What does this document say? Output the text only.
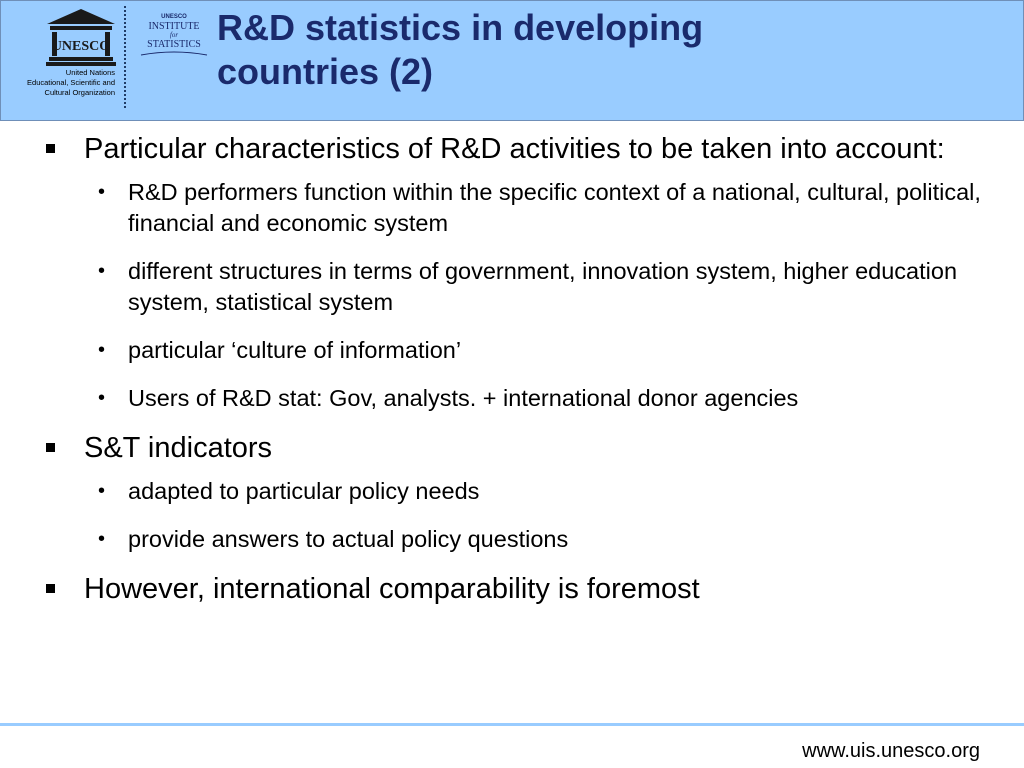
UNESCO
United Nations
Educational, Scientific and
Cultural Organization
UNESCO
INSTITUTE
for
STATISTICS R&D statistics in developing
countries (2)
Particular characteristics of R&D activities to be taken into account:
• R&D performers function within the specific context of a national, cultural, political, financial and economic system
• different structures in terms of government, innovation system, higher education system, statistical system
• particular ‘culture of information’
• Users of R&D stat: Gov, analysts. + international donor agencies
S&T indicators
• adapted to particular policy needs
• provide answers to actual policy questions
However, international comparability is foremost
www.uis.unesco.org
